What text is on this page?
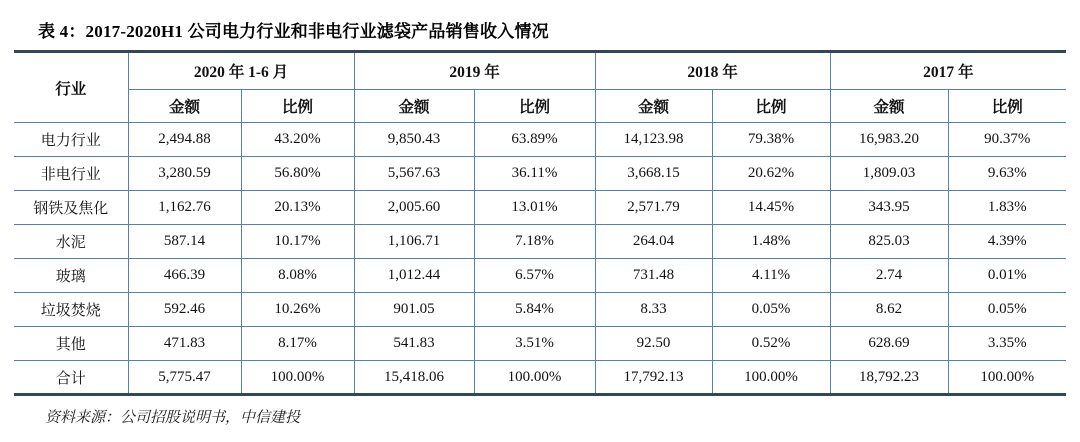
表 4：2017-2020H1 公司电力行业和非电行业滤袋产品销售收入情况
行业	2020 年 1-6 月		2019 年		2018 年		2017 年	
	金额	比例	金额	比例	金额	比例	金额	比例
电力行业	2,494.88	43.20%	9,850.43	63.89%	14,123.98	79.38%	16,983.20	90.37%
非电行业	3,280.59	56.80%	5,567.63	36.11%	3,668.15	20.62%	1,809.03	9.63%
钢铁及焦化	1,162.76	20.13%	2,005.60	13.01%	2,571.79	14.45%	343.95	1.83%
水泥	587.14	10.17%	1,106.71	7.18%	264.04	1.48%	825.03	4.39%
玻璃	466.39	8.08%	1,012.44	6.57%	731.48	4.11%	2.74	0.01%
垃圾焚烧	592.46	10.26%	901.05	5.84%	8.33	0.05%	8.62	0.05%
其他	471.83	8.17%	541.83	3.51%	92.50	0.52%	628.69	3.35%
合计	5,775.47	100.00%	15,418.06	100.00%	17,792.13	100.00%	18,792.23	100.00%
资料来源：公司招股说明书，中信建投
